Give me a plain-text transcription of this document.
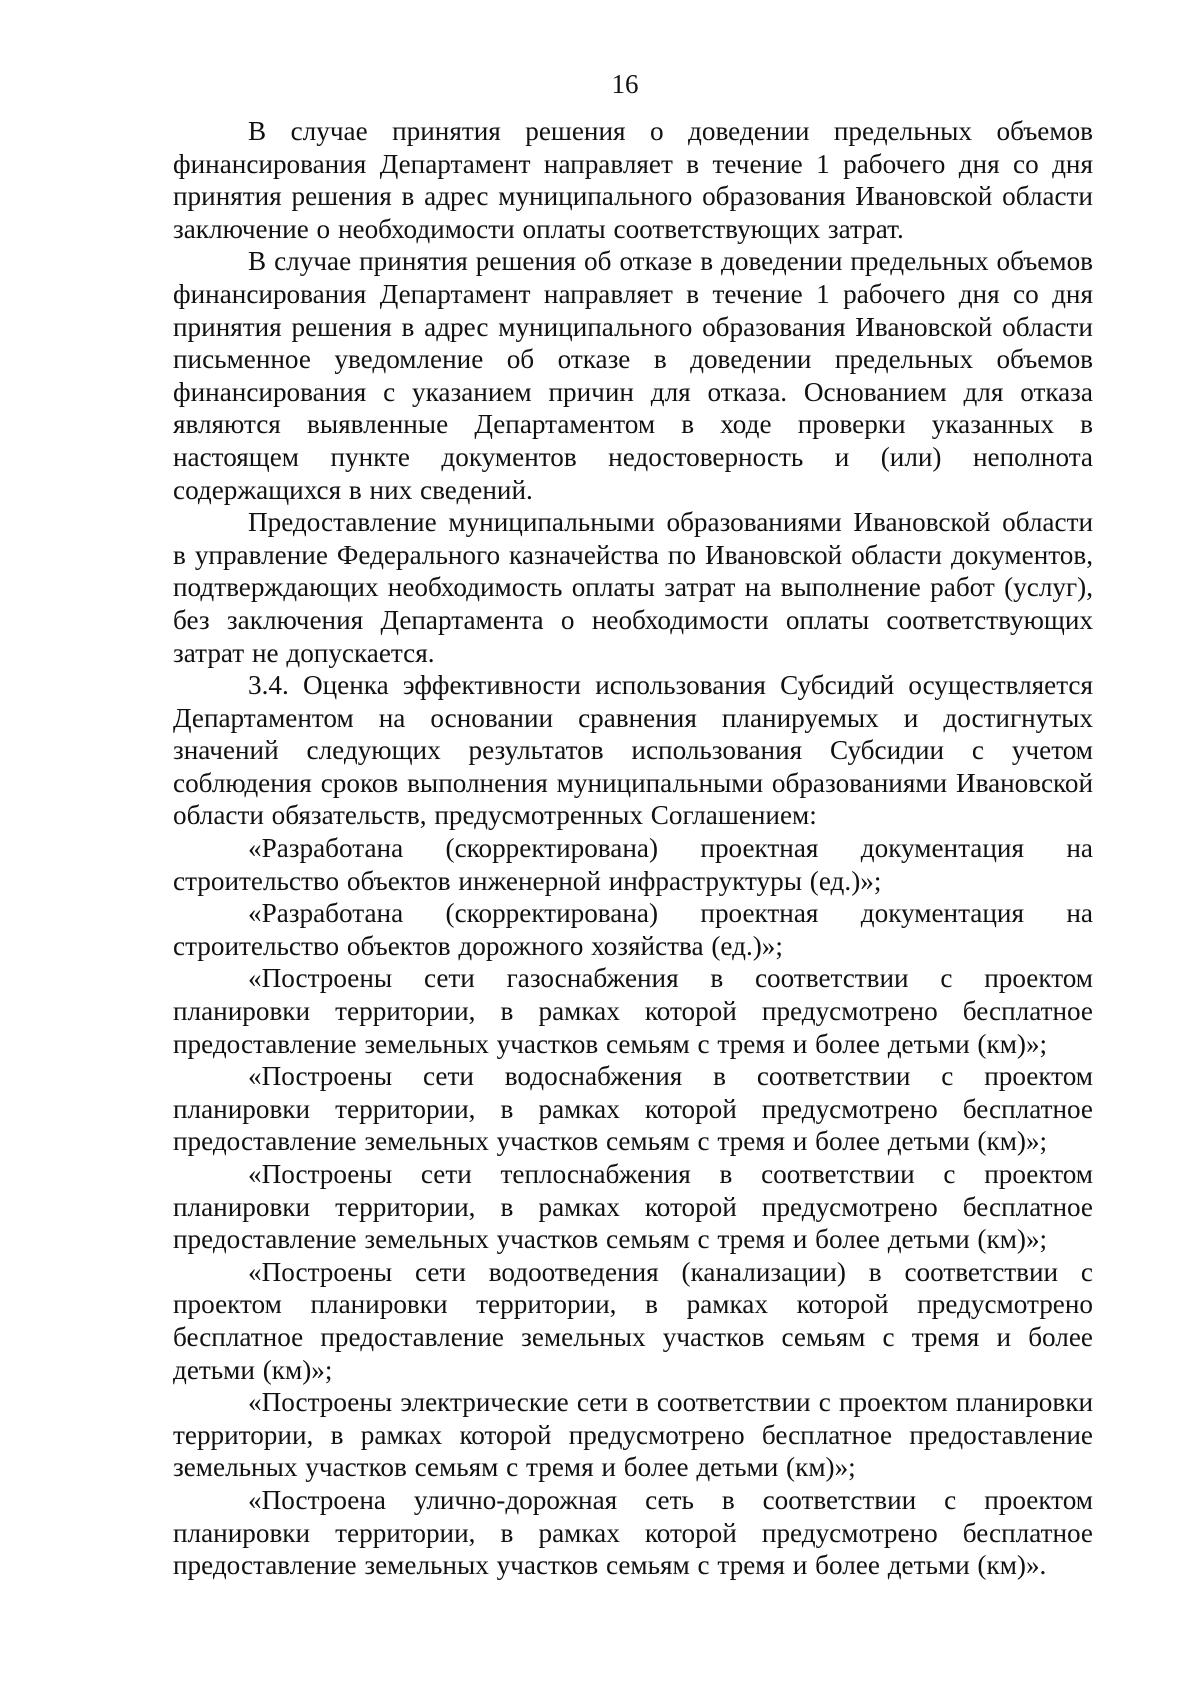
16

В случае принятия решения о доведении предельных объемов финансирования Департамент направляет в течение 1 рабочего дня со дня принятия решения в адрес муниципального образования Ивановской области заключение о необходимости оплаты соответствующих затрат.

В случае принятия решения об отказе в доведении предельных объемов финансирования Департамент направляет в течение 1 рабочего дня со дня принятия решения в адрес муниципального образования Ивановской области письменное уведомление об отказе в доведении предельных объемов финансирования с указанием причин для отказа. Основанием для отказа являются выявленные Департаментом в ходе проверки указанных в настоящем пункте документов недостоверность и (или) неполнота содержащихся в них сведений.

Предоставление муниципальными образованиями Ивановской области в управление Федерального казначейства по Ивановской области документов, подтверждающих необходимость оплаты затрат на выполнение работ (услуг), без заключения Департамента о необходимости оплаты соответствующих затрат не допускается.

3.4. Оценка эффективности использования Субсидий осуществляется Департаментом на основании сравнения планируемых и достигнутых значений следующих результатов использования Субсидии с учетом соблюдения сроков выполнения муниципальными образованиями Ивановской области обязательств, предусмотренных Соглашением:

«Разработана (скорректирована) проектная документация на строительство объектов инженерной инфраструктуры (ед.)»;

«Разработана (скорректирована) проектная документация на строительство объектов дорожного хозяйства (ед.)»;

«Построены сети газоснабжения в соответствии с проектом планировки территории, в рамках которой предусмотрено бесплатное предоставление земельных участков семьям с тремя и более детьми (км)»;

«Построены сети водоснабжения в соответствии с проектом планировки территории, в рамках которой предусмотрено бесплатное предоставление земельных участков семьям с тремя и более детьми (км)»;

«Построены сети теплоснабжения в соответствии с проектом планировки территории, в рамках которой предусмотрено бесплатное предоставление земельных участков семьям с тремя и более детьми (км)»;

«Построены сети водоотведения (канализации) в соответствии с проектом планировки территории, в рамках которой предусмотрено бесплатное предоставление земельных участков семьям с тремя и более детьми (км)»;

«Построены электрические сети в соответствии с проектом планировки территории, в рамках которой предусмотрено бесплатное предоставление земельных участков семьям с тремя и более детьми (км)»;

«Построена улично-дорожная сеть в соответствии с проектом планировки территории, в рамках которой предусмотрено бесплатное предоставление земельных участков семьям с тремя и более детьми (км)».
